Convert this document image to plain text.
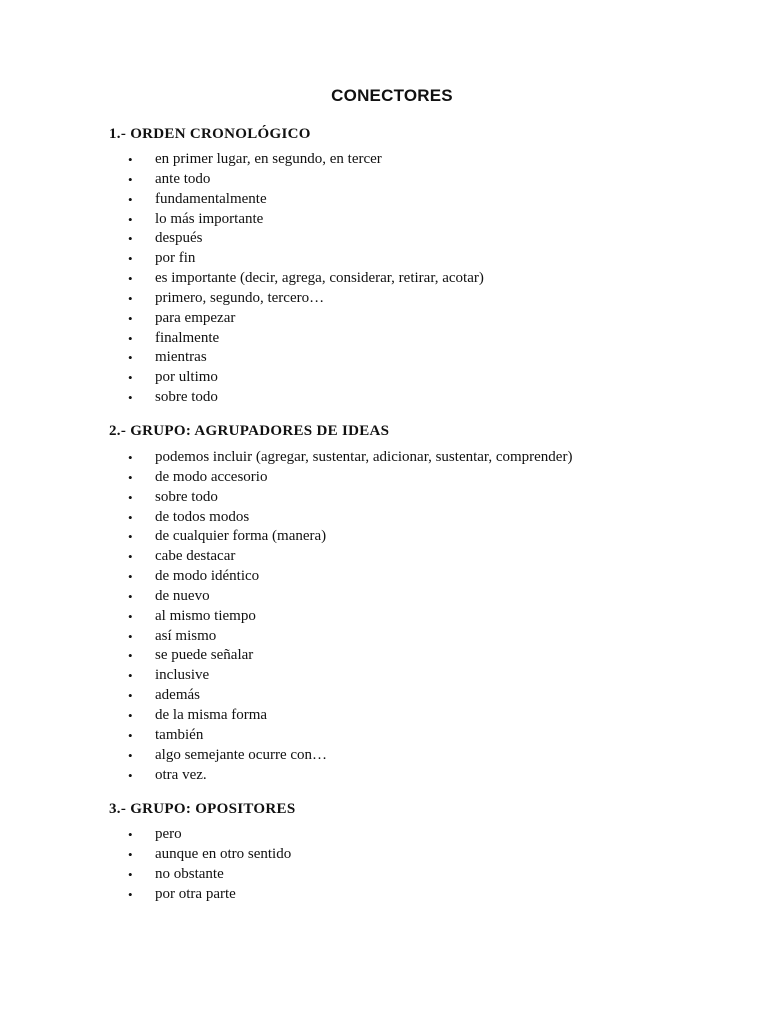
CONECTORES
1.- ORDEN CRONOLÓGICO
• en primer lugar, en segundo, en tercer
• ante todo
• fundamentalmente
• lo más importante
• después
• por fin
• es importante (decir, agrega, considerar, retirar, acotar)
• primero, segundo, tercero…
• para empezar
• finalmente
• mientras
• por ultimo
• sobre todo
2.- GRUPO: AGRUPADORES DE IDEAS
• podemos incluir (agregar, sustentar, adicionar, sustentar, comprender)
• de modo accesorio
• sobre todo
• de todos modos
• de cualquier forma (manera)
• cabe destacar
• de modo idéntico
• de nuevo
• al mismo tiempo
• así mismo
• se puede señalar
• inclusive
• además
• de la misma forma
• también
• algo semejante ocurre con…
• otra vez.
3.- GRUPO: OPOSITORES
• pero
• aunque en otro sentido
• no obstante
• por otra parte
